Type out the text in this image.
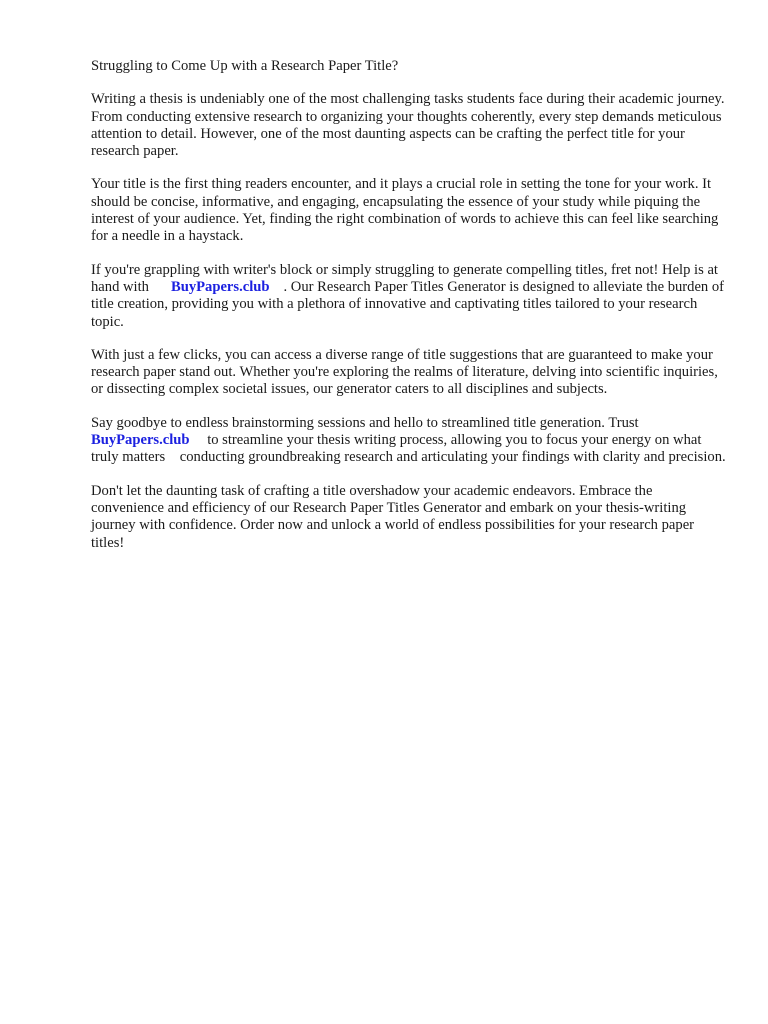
Struggling to Come Up with a Research Paper Title?

Writing a thesis is undeniably one of the most challenging tasks students face during their academic journey. From conducting extensive research to organizing your thoughts coherently, every step demands meticulous attention to detail. However, one of the most daunting aspects can be crafting the perfect title for your research paper.

Your title is the first thing readers encounter, and it plays a crucial role in setting the tone for your work. It should be concise, informative, and engaging, encapsulating the essence of your study while piquing the interest of your audience. Yet, finding the right combination of words to achieve this can feel like searching for a needle in a haystack.

If you're grappling with writer's block or simply struggling to generate compelling titles, fret not! Help is at hand with BuyPapers.club . Our Research Paper Titles Generator is designed to alleviate the burden of title creation, providing you with a plethora of innovative and captivating titles tailored to your research topic.

With just a few clicks, you can access a diverse range of title suggestions that are guaranteed to make your research paper stand out. Whether you're exploring the realms of literature, delving into scientific inquiries, or dissecting complex societal issues, our generator caters to all disciplines and subjects.

Say goodbye to endless brainstorming sessions and hello to streamlined title generation. Trust BuyPapers.club to streamline your thesis writing process, allowing you to focus your energy on what truly matters    conducting groundbreaking research and articulating your findings with clarity and precision.

Don't let the daunting task of crafting a title overshadow your academic endeavors. Embrace the convenience and efficiency of our Research Paper Titles Generator and embark on your thesis-writing journey with confidence. Order now and unlock a world of endless possibilities for your research paper titles!
